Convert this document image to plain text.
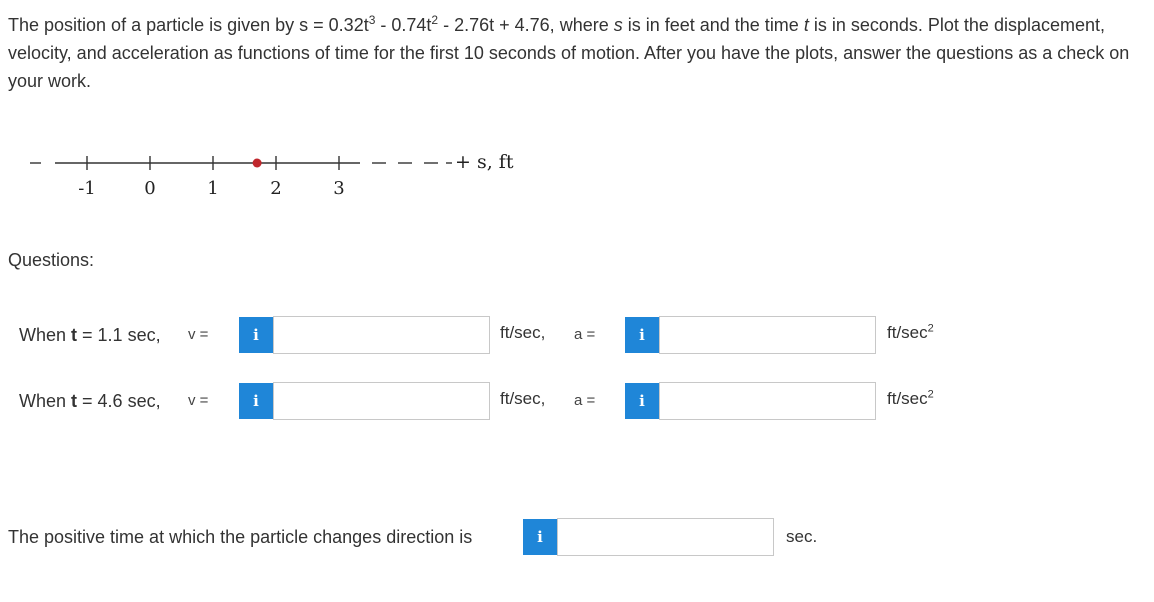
The position of a particle is given by $s = 0.32t^3 - 0.74t^2 - 2.76t + 4.76$, where s is in feet and the time t is in seconds. Plot the displacement, velocity, and acceleration as functions of time for the first 10 seconds of motion. After you have the plots, answer the questions as a check on your work.
-1	0	1	2	3
+ s, ft
Questions:
When t = 1.1 sec, v =	i	ft/sec, a =	i	$ft/\sec^2$
When t = 4.6 sec, v =	i	ft/sec, a =	i	$ft/\sec^2$
The positive time at which the particle changes direction is	i	sec.
